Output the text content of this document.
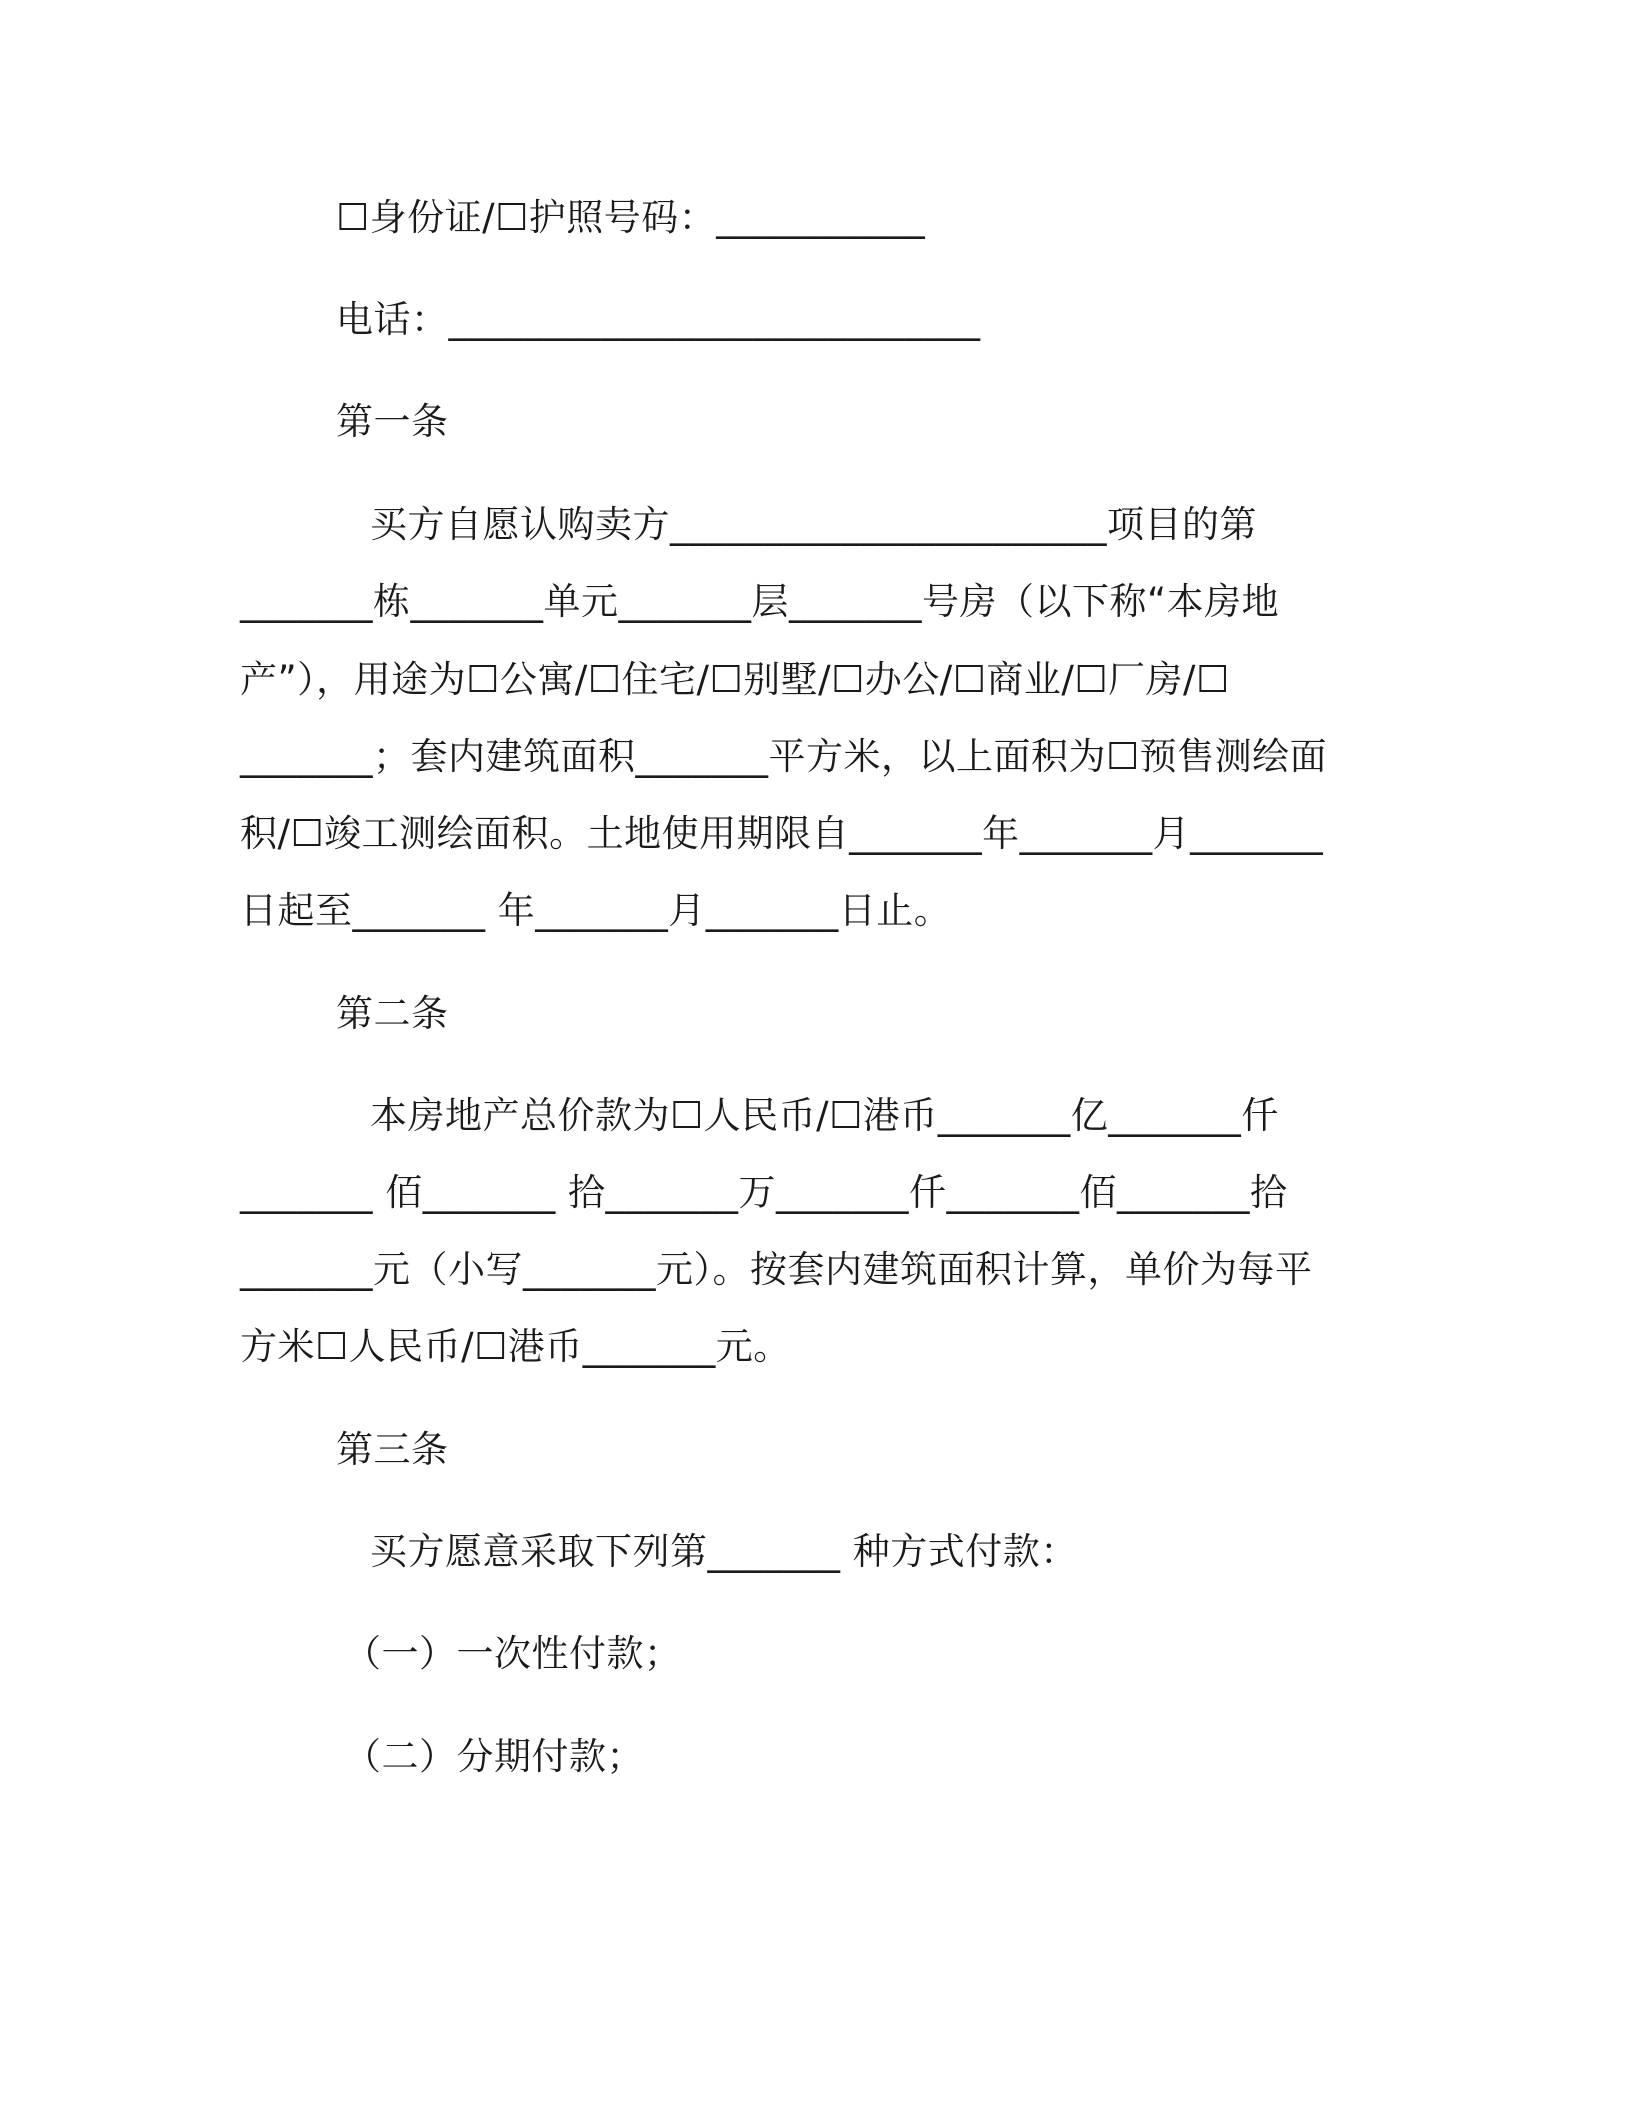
☐身份证/☐护照号码：___________
电话：____________________________
第一条
买方自愿认购卖方_______________________项目的第
_______栋_______单元_______层_______号房（以下称“本房地
产”），用途为☐公寓/☐住宅/☐别墅/☐办公/☐商业/☐厂房/☐
_______；套内建筑面积_______平方米，以上面积为☐预售测绘面
积/☐竣工测绘面积。土地使用期限自_______年_______月_______
日起至_______ 年_______月_______日止。
第二条
本房地产总价款为☐人民币/☐港币_______亿_______仟
_______ 佰_______ 拾_______万_______仟_______佰_______拾
_______元（小写_______元）。按套内建筑面积计算，单价为每平
方米☐人民币/☐港币_______元。
第三条
买方愿意采取下列第_______ 种方式付款：
（一）一次性付款；
（二）分期付款；
